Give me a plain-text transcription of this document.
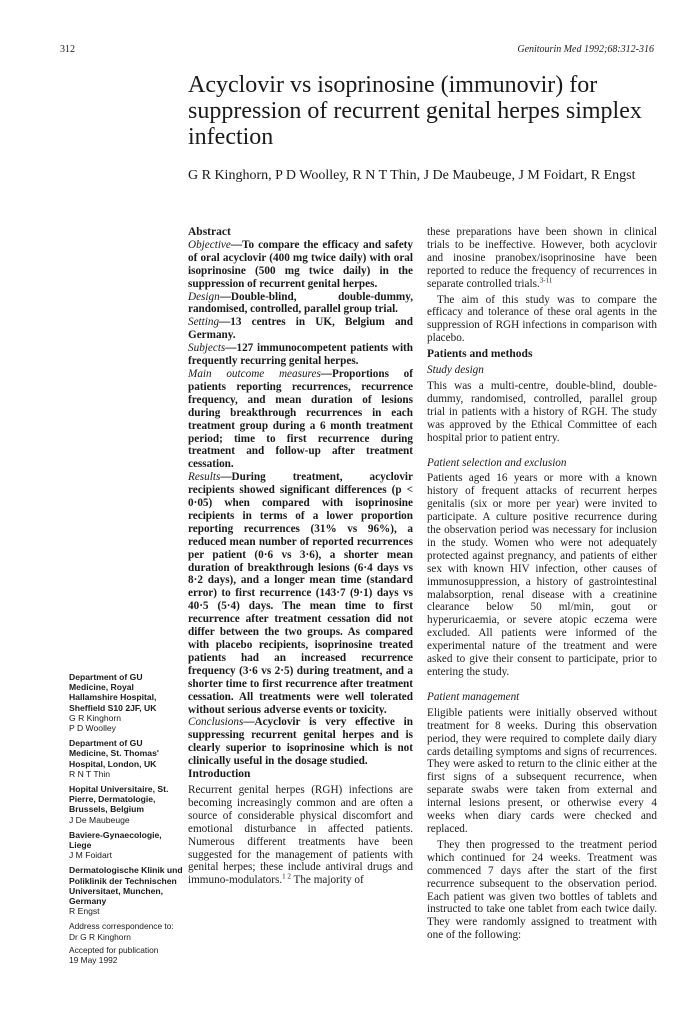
312	Genitourin Med 1992;68:312-316
Acyclovir vs isoprinosine (immunovir) for suppression of recurrent genital herpes simplex infection
G R Kinghorn, P D Woolley, R N T Thin, J De Maubeuge, J M Foidart, R Engst
Department of GU Medicine, Royal Hallamshire Hospital, Sheffield S10 2JF, UK
G R Kinghorn
P D Woolley
Department of GU Medicine, St. Thomas' Hospital, London, UK
R N T Thin
Hopital Universitaire, St. Pierre, Dermatologie, Brussels, Belgium
J De Maubeuge
Baviere-Gynaecologie, Liege
J M Foidart
Dermatologische Klinik und Poliklinik der Technischen Universitaet, Munchen, Germany
R Engst
Address correspondence to:
Dr G R Kinghorn
Accepted for publication
19 May 1992

Abstract

Objective—To compare the efficacy and safety of oral acyclovir (400 mg twice daily) with oral isoprinosine (500 mg twice daily) in the suppression of recurrent genital herpes.

Design—Double-blind, double-dummy, randomised, controlled, parallel group trial.

Setting—13 centres in UK, Belgium and Germany.

Subjects—127 immunocompetent patients with frequently recurring genital herpes.

Main outcome measures—Proportions of patients reporting recurrences, recurrence frequency, and mean duration of lesions during breakthrough recurrences in each treatment group during a 6 month treatment period; time to first recurrence during treatment and follow-up after treatment cessation.

Results—During treatment, acyclovir recipients showed significant differences (p < 0·05) when compared with isoprinosine recipients in terms of a lower proportion reporting recurrences (31% vs 96%), a reduced mean number of reported recurrences per patient (0·6 vs 3·6), a shorter mean duration of breakthrough lesions (6·4 days vs 8·2 days), and a longer mean time (standard error) to first recurrence (143·7 (9·1) days vs 40·5 (5·4) days. The mean time to first recurrence after treatment cessation did not differ between the two groups. As compared with placebo recipients, isoprinosine treated patients had an increased recurrence frequency (3·6 vs 2·5) during treatment, and a shorter time to first recurrence after treatment cessation. All treatments were well tolerated without serious adverse events or toxicity.

Conclusions—Acyclovir is very effective in suppressing recurrent genital herpes and is clearly superior to isoprinosine which is not clinically useful in the dosage studied.

Introduction

Recurrent genital herpes (RGH) infections are becoming increasingly common and are often a source of considerable physical discomfort and emotional disturbance in affected patients. Numerous different treatments have been suggested for the management of patients with genital herpes; these include antiviral drugs and immuno-modulators.$^{1 2}$ The majority of

these preparations have been shown in clinical trials to be ineffective. However, both acyclovir and inosine pranobex/isoprinosine have been reported to reduce the frequency of recurrences in separate controlled trials.$^{3-11}$

The aim of this study was to compare the efficacy and tolerance of these oral agents in the suppression of RGH infections in comparison with placebo.

Patients and methods

Study design

This was a multi-centre, double-blind, double-dummy, randomised, controlled, parallel group trial in patients with a history of RGH. The study was approved by the Ethical Committee of each hospital prior to patient entry.

Patient selection and exclusion

Patients aged 16 years or more with a known history of frequent attacks of recurrent herpes genitalis (six or more per year) were invited to participate. A culture positive recurrence during the observation period was necessary for inclusion in the study. Women who were not adequately protected against pregnancy, and patients of either sex with known HIV infection, other causes of immunosuppression, a history of gastrointestinal malabsorption, renal disease with a creatinine clearance below 50 ml/min, gout or hyperuricaemia, or severe atopic eczema were excluded. All patients were informed of the experimental nature of the treatment and were asked to give their consent to participate, prior to entering the study.

Patient management

Eligible patients were initially observed without treatment for 8 weeks. During this observation period, they were required to complete daily diary cards detailing symptoms and signs of recurrences. They were asked to return to the clinic either at the first signs of a subsequent recurrence, when separate swabs were taken from external and internal lesions present, or otherwise every 4 weeks when diary cards were checked and replaced.

They then progressed to the treatment period which continued for 24 weeks. Treatment was commenced 7 days after the start of the first recurrence subsequent to the observation period. Each patient was given two bottles of tablets and instructed to take one tablet from each twice daily. They were randomly assigned to treatment with one of the following:
